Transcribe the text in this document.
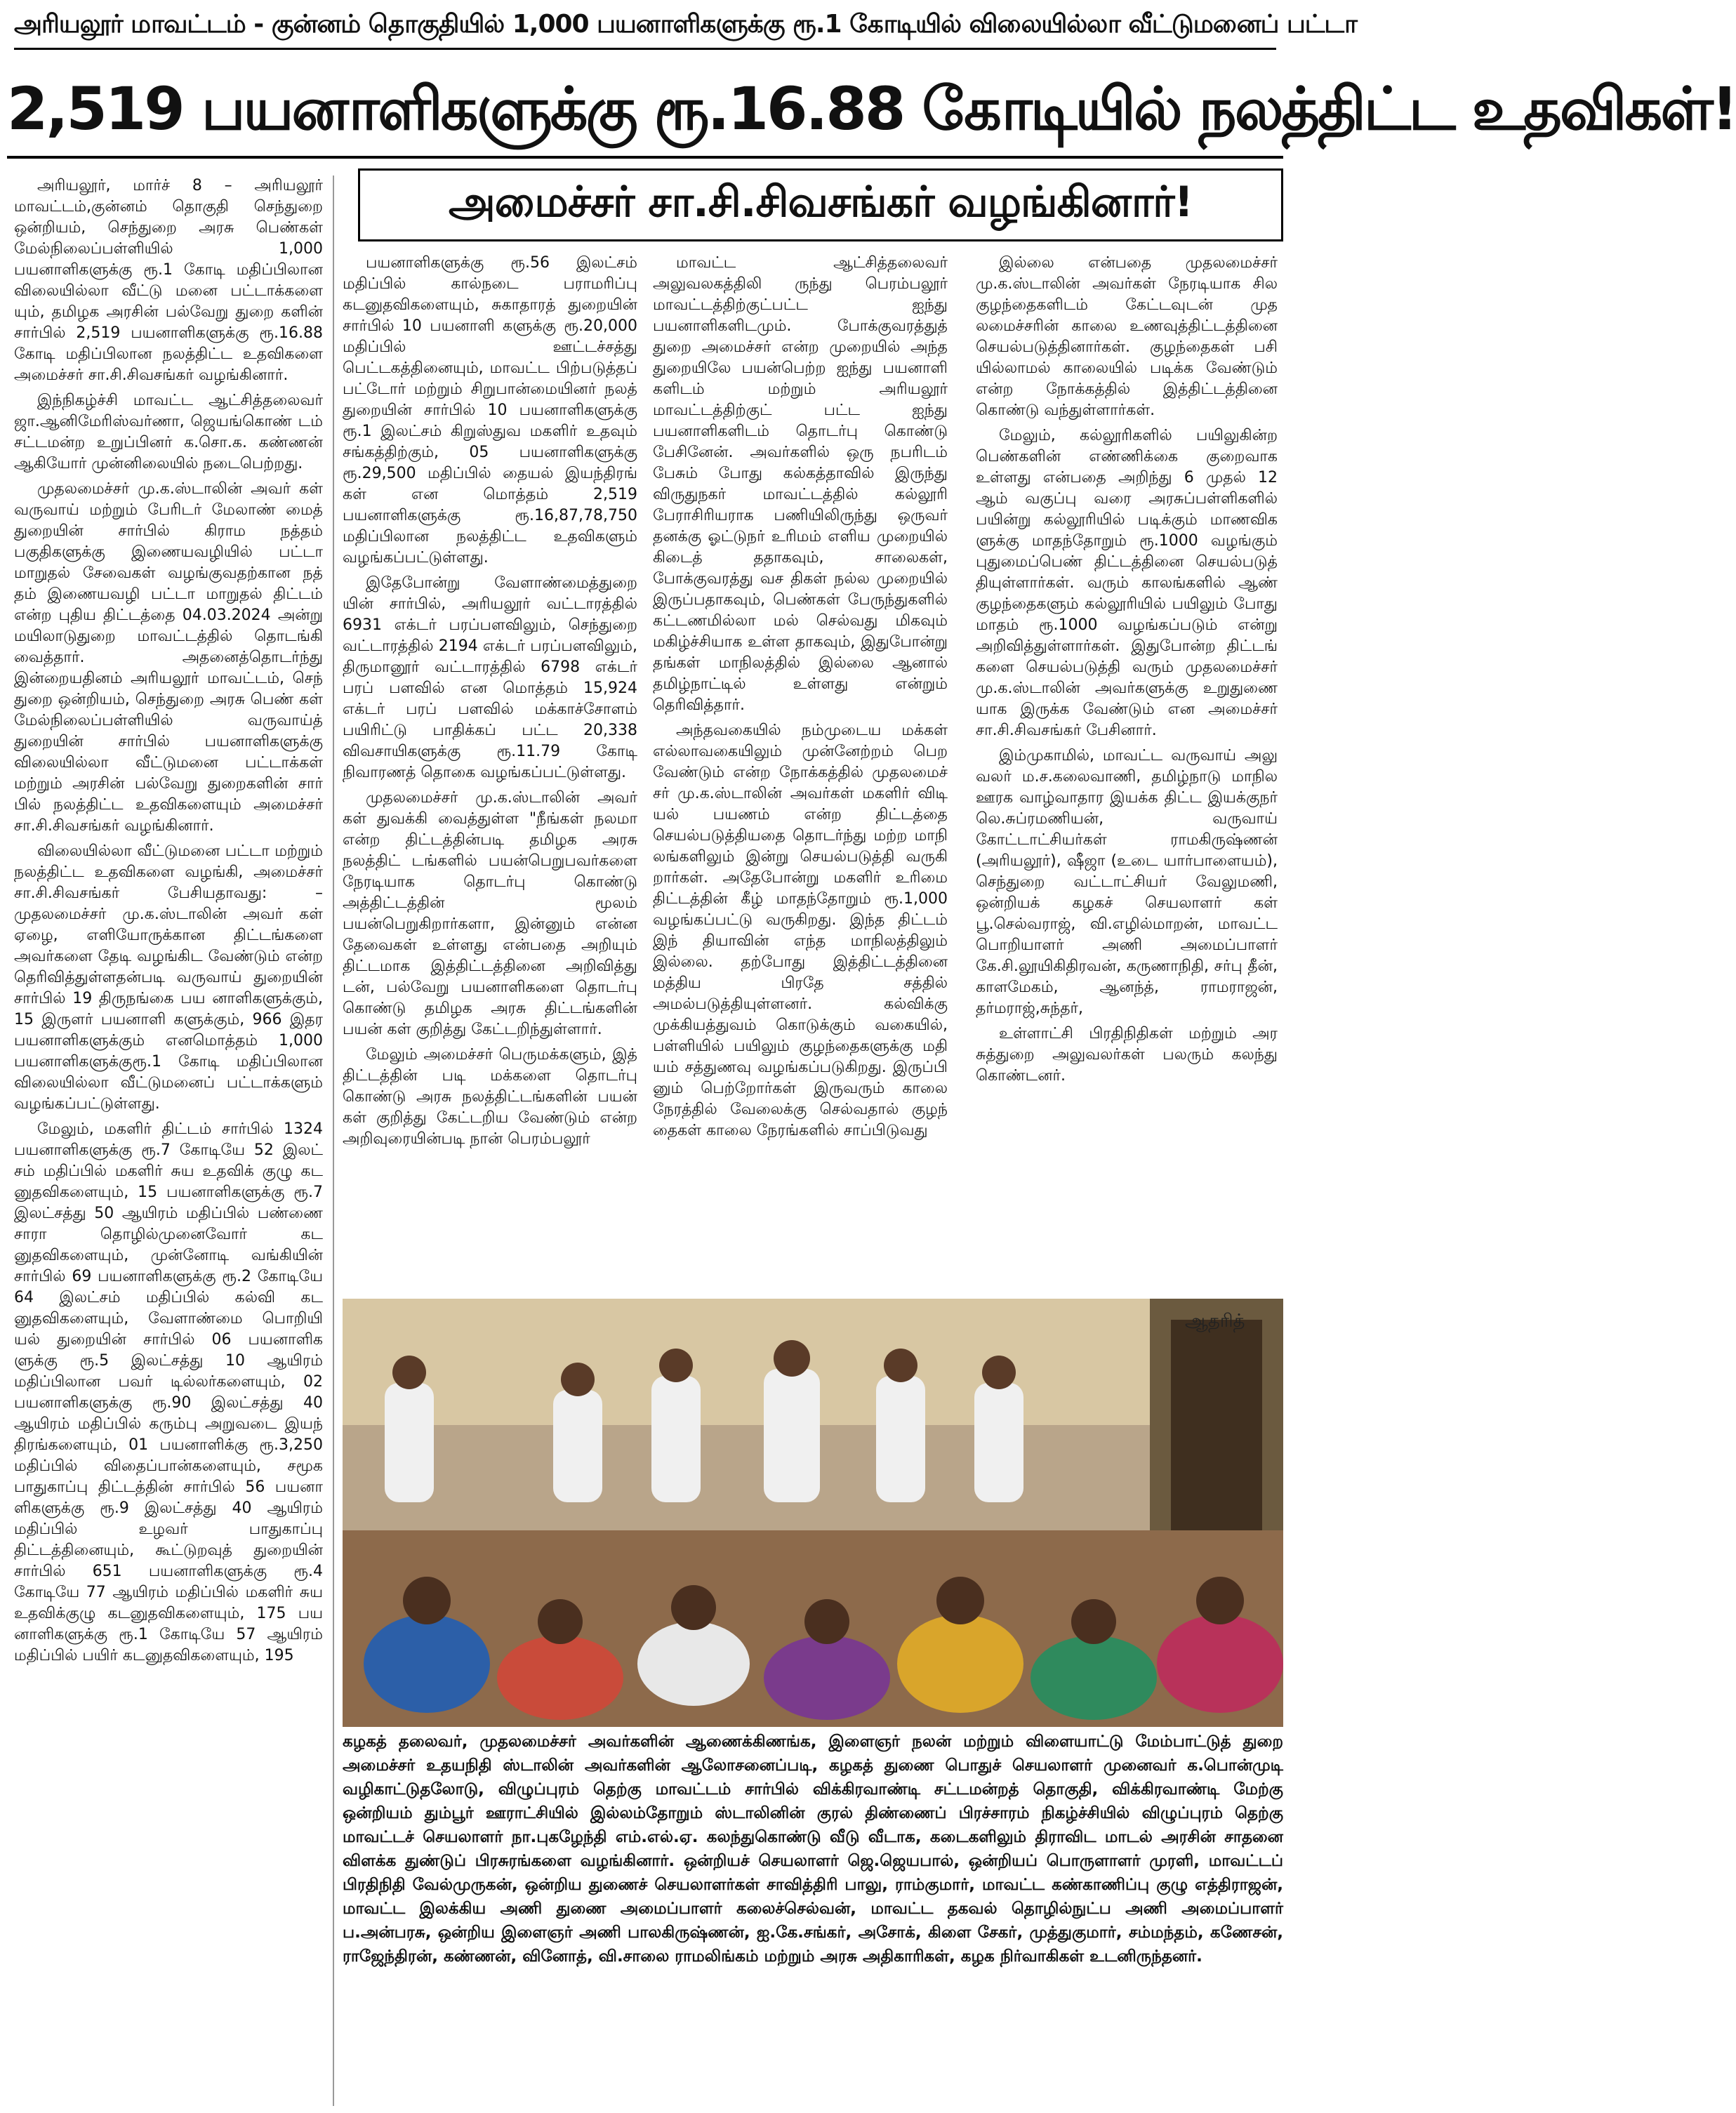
அரியலூர் மாவட்டம் - குன்னம் தொகுதியில் 1,000 பயனாளிகளுக்கு ரூ.1 கோடியில் விலையில்லா வீட்டுமனைப் பட்டா
2,519 பயனாளிகளுக்கு ரூ.16.88 கோடியில் நலத்திட்ட உதவிகள்!
அமைச்சர் சா.சி.சிவசங்கர் வழங்கினார்!

அரியலூர், மார்ச் 8 – அரியலூர் மாவட்டம்,குன்னம் தொகுதி செந்துறை ஒன்றியம், செந்துறை அரசு பெண்கள் மேல்நிலைப்பள்ளியில் 1,000 பயனாளிகளுக்கு ரூ.1 கோடி மதிப்பிலான விலையில்லா வீட்டு மனை பட்டாக்களை யும், தமிழக அரசின் பல்வேறு துறை களின் சார்பில் 2,519 பயனாளிகளுக்கு ரூ.16.88 கோடி மதிப்பிலான நலத்திட்ட உதவிகளை அமைச்சர் சா.சி.சிவசங்கர் வழங்கினார்.

இந்நிகழ்ச்சி மாவட்ட ஆட்சித்தலைவர் ஜா.ஆனிமேரிஸ்வர்ணா, ஜெயங்கொண் டம் சட்டமன்ற உறுப்பினர் க.சொ.க. கண்ணன் ஆகியோர் முன்னிலையில் நடைபெற்றது.

முதலமைச்சர் மு.க.ஸ்டாலின் அவர் கள் வருவாய் மற்றும் பேரிடர் மேலாண் மைத் துறையின் சார்பில் கிராம நத்தம் பகுதிகளுக்கு இணையவழியில் பட்டா மாறுதல் சேவைகள் வழங்குவதற்கான நத் தம் இணையவழி பட்டா மாறுதல் திட்டம் என்ற புதிய திட்டத்தை 04.03.2024 அன்று மயிலாடுதுறை மாவட்டத்தில் தொடங்கி வைத்தார். அதனைத்தொடர்ந்து இன்றையதினம் அரியலூர் மாவட்டம், செந் துறை ஒன்றியம், செந்துறை அரசு பெண் கள் மேல்நிலைப்பள்ளியில் வருவாய்த் துறையின் சார்பில் பயனாளிகளுக்கு விலையில்லா வீட்டுமனை பட்டாக்கள் மற்றும் அரசின் பல்வேறு துறைகளின் சார் பில் நலத்திட்ட உதவிகளையும் அமைச்சர் சா.சி.சிவசங்கர் வழங்கினார்.

விலையில்லா வீட்டுமனை பட்டா மற்றும் நலத்திட்ட உதவிகளை வழங்கி, அமைச்சர் சா.சி.சிவசங்கர் பேசியதாவது: – முதலமைச்சர் மு.க.ஸ்டாலின் அவர் கள் ஏழை, எளியோருக்கான திட்டங்களை அவர்களை தேடி வழங்கிட வேண்டும் என்ற தெரிவித்துள்ளதன்படி வருவாய் துறையின் சார்பில் 19 திருநங்கை பய னாளிகளுக்கும், 15 இருளர் பயனாளி களுக்கும், 966 இதர பயனாளிகளுக்கும் எனமொத்தம் 1,000 பயனாளிகளுக்குரூ.1 கோடி மதிப்பிலான விலையில்லா வீட்டுமனைப் பட்டாக்களும் வழங்கப்பட்டுள்ளது.

மேலும், மகளிர் திட்டம் சார்பில் 1324 பயனாளிகளுக்கு ரூ.7 கோடியே 52 இலட் சம் மதிப்பில் மகளிர் சுய உதவிக் குழு கட னுதவிகளையும், 15 பயனாளிகளுக்கு ரூ.7 இலட்சத்து 50 ஆயிரம் மதிப்பில் பண்ணை சாரா தொழில்முனைவோர் கட னுதவிகளையும், முன்னோடி வங்கியின் சார்பில் 69 பயனாளிகளுக்கு ரூ.2 கோடியே 64 இலட்சம் மதிப்பில் கல்வி கட னுதவிகளையும், வேளாண்மை பொறியி யல் துறையின் சார்பில் 06 பயனாளிக ளுக்கு ரூ.5 இலட்சத்து 10 ஆயிரம் மதிப்பிலான பவர் டில்லர்களையும், 02 பயனாளிகளுக்கு ரூ.90 இலட்சத்து 40 ஆயிரம் மதிப்பில் கரும்பு அறுவடை இயந் திரங்களையும், 01 பயனாளிக்கு ரூ.3,250 மதிப்பில் விதைப்பான்களையும், சமூக பாதுகாப்பு திட்டத்தின் சார்பில் 56 பயனா ளிகளுக்கு ரூ.9 இலட்சத்து 40 ஆயிரம் மதிப்பில் உழவர் பாதுகாப்பு திட்டத்தினையும், கூட்டுறவுத் துறையின் சார்பில் 651 பயனாளிகளுக்கு ரூ.4 கோடியே 77 ஆயிரம் மதிப்பில் மகளிர் சுய உதவிக்குழு கடனுதவிகளையும், 175 பய னாளிகளுக்கு ரூ.1 கோடியே 57 ஆயிரம் மதிப்பில் பயிர் கடனுதவிகளையும், 195

பயனாளிகளுக்கு ரூ.56 இலட்சம் மதிப்பில் கால்நடை பராமரிப்பு கடனுதவிகளையும், சுகாதாரத் துறையின் சார்பில் 10 பயனாளி களுக்கு ரூ.20,000 மதிப்பில் ஊட்டச்சத்து பெட்டகத்தினையும், மாவட்ட பிற்படுத்தப் பட்டோர் மற்றும் சிறுபான்மையினர் நலத் துறையின் சார்பில் 10 பயனாளிகளுக்கு ரூ.1 இலட்சம் கிறுஸ்துவ மகளிர் உதவும் சங்கத்திற்கும், 05 பயனாளிகளுக்கு ரூ.29,500 மதிப்பில் தையல் இயந்திரங் கள் என மொத்தம் 2,519 பயனாளிகளுக்கு ரூ.16,87,78,750 மதிப்பிலான நலத்திட்ட உதவிகளும் வழங்கப்பட்டுள்ளது.

இதேபோன்று வேளாண்மைத்துறை யின் சார்பில், அரியலூர் வட்டாரத்தில் 6931 எக்டர் பரப்பளவிலும், செந்துறை வட்டாரத்தில் 2194 எக்டர் பரப்பளவிலும், திருமானூர் வட்டாரத்தில் 6798 எக்டர் பரப் பளவில் என மொத்தம் 15,924 எக்டர் பரப் பளவில் மக்காச்சோளம் பயிரிட்டு பாதிக்கப் பட்ட 20,338 விவசாயிகளுக்கு ரூ.11.79 கோடி நிவாரணத் தொகை வழங்கப்பட்டுள்ளது.

முதலமைச்சர் மு.க.ஸ்டாலின் அவர் கள் துவக்கி வைத்துள்ள "நீங்கள் நலமா என்ற திட்டத்தின்படி தமிழக அரசு நலத்திட் டங்களில் பயன்பெறுபவர்களை நேரடியாக தொடர்பு கொண்டு அத்திட்டத்தின் மூலம் பயன்பெறுகிறார்களா, இன்னும் என்ன தேவைகள் உள்ளது என்பதை அறியும் திட்டமாக இத்திட்டத்தினை அறிவித்து டன், பல்வேறு பயனாளிகளை தொடர்பு கொண்டு தமிழக அரசு திட்டங்களின் பயன் கள் குறித்து கேட்டறிந்துள்ளார்.

மேலும் அமைச்சர் பெருமக்களும், இத் திட்டத்தின் படி மக்களை தொடர்பு கொண்டு அரசு நலத்திட்டங்களின் பயன் கள் குறித்து கேட்டறிய வேண்டும் என்ற அறிவுரையின்படி நான் பெரம்பலூர்

மாவட்ட ஆட்சித்தலைவர் அலுவலகத்திலி ருந்து பெரம்பலூர் மாவட்டத்திற்குட்பட்ட ஐந்து பயனாளிகளிடமும். போக்குவரத்துத் துறை அமைச்சர் என்ற முறையில் அந்த துறையிலே பயன்பெற்ற ஐந்து பயனாளி களிடம் மற்றும் அரியலூர் மாவட்டத்திற்குட் பட்ட ஐந்து பயனாளிகளிடம் தொடர்பு கொண்டு பேசினேன். அவர்களில் ஒரு நபரிடம் பேசும் போது கல்கத்தாவில் இருந்து விருதுநகர் மாவட்டத்தில் கல்லூரி பேராசிரியராக பணியிலிருந்து ஒருவர் தனக்கு ஓட்டுநர் உரிமம் எளிய முறையில் கிடைத் ததாகவும், சாலைகள், போக்குவரத்து வச திகள் நல்ல முறையில் இருப்பதாகவும், பெண்கள் பேருந்துகளில் கட்டணமில்லா மல் செல்வது மிகவும் மகிழ்ச்சியாக உள்ள தாகவும், இதுபோன்று தங்கள் மாநிலத்தில் இல்லை ஆனால் தமிழ்நாட்டில் உள்ளது என்றும் தெரிவித்தார்.

அந்தவகையில் நம்முடைய மக்கள் எல்லாவகையிலும் முன்னேற்றம் பெற வேண்டும் என்ற நோக்கத்தில் முதலமைச் சர் மு.க.ஸ்டாலின் அவர்கள் மகளிர் விடி யல் பயணம் என்ற திட்டத்தை செயல்படுத்தியதை தொடர்ந்து மற்ற மாநி லங்களிலும் இன்று செயல்படுத்தி வருகி றார்கள். அதேபோன்று மகளிர் உரிமை திட்டத்தின் கீழ் மாதந்தோறும் ரூ.1,000 வழங்கப்பட்டு வருகிறது. இந்த திட்டம் இந் தியாவின் எந்த மாநிலத்திலும் இல்லை. தற்போது இத்திட்டத்தினை மத்திய பிரதே சத்தில் அமல்படுத்தியுள்ளனர். கல்விக்கு முக்கியத்துவம் கொடுக்கும் வகையில், பள்ளியில் பயிலும் குழந்தைகளுக்கு மதி யம் சத்துணவு வழங்கப்படுகிறது. இருப்பி னும் பெற்றோர்கள் இருவரும் காலை நேரத்தில் வேலைக்கு செல்வதால் குழந் தைகள் காலை நேரங்களில் சாப்பிடுவது

இல்லை என்பதை முதலமைச்சர் மு.க.ஸ்டாலின் அவர்கள் நேரடியாக சில குழந்தைகளிடம் கேட்டவுடன் முத லமைச்சரின் காலை உணவுத்திட்டத்தினை செயல்படுத்தினார்கள். குழந்தைகள் பசி யில்லாமல் காலையில் படிக்க வேண்டும் என்ற நோக்கத்தில் இத்திட்டத்தினை கொண்டு வந்துள்ளார்கள்.

மேலும், கல்லூரிகளில் பயிலுகின்ற பெண்களின் எண்ணிக்கை குறைவாக உள்ளது என்பதை அறிந்து 6 முதல் 12 ஆம் வகுப்பு வரை அரசுப்பள்ளிகளில் பயின்று கல்லூரியில் படிக்கும் மாணவிக ளுக்கு மாதந்தோறும் ரூ.1000 வழங்கும் புதுமைப்பெண் திட்டத்தினை செயல்படுத் தியுள்ளார்கள். வரும் காலங்களில் ஆண் குழந்தைகளும் கல்லூரியில் பயிலும் போது மாதம் ரூ.1000 வழங்கப்படும் என்று அறிவித்துள்ளார்கள். இதுபோன்ற திட்டங் களை செயல்படுத்தி வரும் முதலமைச்சர் மு.க.ஸ்டாலின் அவர்களுக்கு உறுதுணை யாக இருக்க வேண்டும் என அமைச்சர் சா.சி.சிவசங்கர் பேசினார்.

இம்முகாமில், மாவட்ட வருவாய் அலு வலர் ம.ச.கலைவாணி, தமிழ்நாடு மாநில ஊரக வாழ்வாதார இயக்க திட்ட இயக்குநர் லெ.சுப்ரமணியன், வருவாய் கோட்டாட்சியர்கள் ராமகிருஷ்ணன் (அரியலூர்), ஷீஜா (உடை யார்பாளையம்), செந்துறை வட்டாட்சியர் வேலுமணி, ஒன்றியக் கழகச் செயலாளர் கள் பூ.செல்வராஜ், வி.எழில்மாறன், மாவட்ட பொறியாளர் அணி அமைப்பாளர் கே.சி.லூயிகிதிரவன், கருணாநிதி, சர்பு தீன், காளமேகம், ஆனந்த், ராமராஜன், தர்மராஜ்,சுந்தர்,

உள்ளாட்சி பிரதிநிதிகள் மற்றும் அர சுத்துறை அலுவலர்கள் பலரும் கலந்து கொண்டனர்.

ஆதரித்
கழகத் தலைவர், முதலமைச்சர் அவர்களின் ஆணைக்கிணங்க, இளைஞர் நலன் மற்றும் விளையாட்டு மேம்பாட்டுத் துறை அமைச்சர் உதயநிதி ஸ்டாலின் அவர்களின் ஆலோசனைப்படி, கழகத் துணை பொதுச் செயலாளர் முனைவர் க.பொன்முடி வழிகாட்டுதலோடு, விழுப்புரம் தெற்கு மாவட்டம் சார்பில் விக்கிரவாண்டி சட்டமன்றத் தொகுதி, விக்கிரவாண்டி மேற்கு ஒன்றியம் தும்பூர் ஊராட்சியில் இல்லம்தோறும் ஸ்டாலினின் குரல் திண்ணைப் பிரச்சாரம் நிகழ்ச்சியில் விழுப்புரம் தெற்கு மாவட்டச் செயலாளர் நா.புகழேந்தி எம்.எல்.ஏ. கலந்துகொண்டு வீடு வீடாக, கடைகளிலும் திராவிட மாடல் அரசின் சாதனை விளக்க துண்டுப் பிரசுரங்களை வழங்கினார். ஒன்றியச் செயலாளர் ஜெ.ஜெயபால், ஒன்றியப் பொருளாளர் முரளி, மாவட்டப் பிரதிநிதி வேல்முருகன், ஒன்றிய துணைச் செயலாளர்கள் சாவித்திரி பாலு, ராம்குமார், மாவட்ட கண்காணிப்பு குழு எத்திராஜன், மாவட்ட இலக்கிய அணி துணை அமைப்பாளர் கலைச்செல்வன், மாவட்ட தகவல் தொழில்நுட்ப அணி அமைப்பாளர் ப.அன்பரசு, ஒன்றிய இளைஞர் அணி பாலகிருஷ்ணன், ஐ.கே.சங்கர், அசோக், கிளை சேகர், முத்துகுமார், சம்மந்தம், கணேசன், ராஜேந்திரன், கண்ணன், வினோத், வி.சாலை ராமலிங்கம் மற்றும் அரசு அதிகாரிகள், கழக நிர்வாகிகள் உடனிருந்தனர்.
